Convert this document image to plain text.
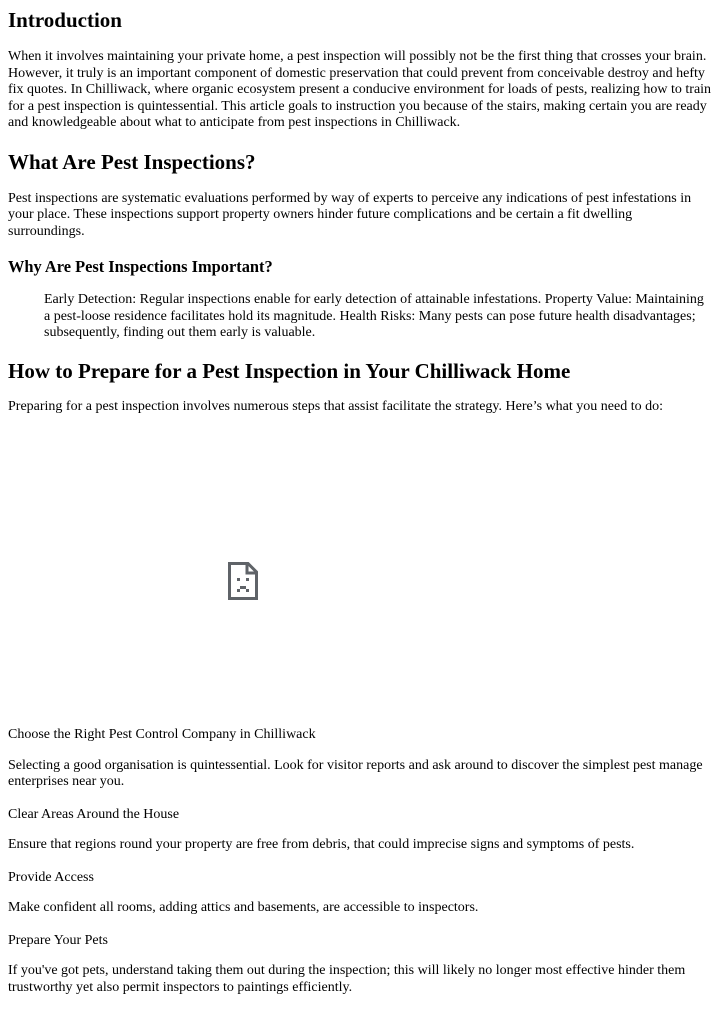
Introduction

When it involves maintaining your private home, a pest inspection will possibly not be the first thing that crosses your brain. However, it truly is an important component of domestic preservation that could prevent from conceivable destroy and hefty fix quotes. In Chilliwack, where organic ecosystem present a conducive environment for loads of pests, realizing how to train for a pest inspection is quintessential. This article goals to instruction you because of the stairs, making certain you are ready and knowledgeable about what to anticipate from pest inspections in Chilliwack.

What Are Pest Inspections?

Pest inspections are systematic evaluations performed by way of experts to perceive any indications of pest infestations in your place. These inspections support property owners hinder future complications and be certain a fit dwelling surroundings.

Why Are Pest Inspections Important?
Early Detection: Regular inspections enable for early detection of attainable infestations. Property Value: Maintaining a pest-loose residence facilitates hold its magnitude. Health Risks: Many pests can pose future health disadvantages; subsequently, finding out them early is valuable.
How to Prepare for a Pest Inspection in Your Chilliwack Home

Preparing for a pest inspection involves numerous steps that assist facilitate the strategy. Here’s what you need to do:

Choose the Right Pest Control Company in Chilliwack

Selecting a good organisation is quintessential. Look for visitor reports and ask around to discover the simplest pest manage enterprises near you.

Clear Areas Around the House

Ensure that regions round your property are free from debris, that could imprecise signs and symptoms of pests.

Provide Access

Make confident all rooms, adding attics and basements, are accessible to inspectors.

Prepare Your Pets

If you've got pets, understand taking them out during the inspection; this will likely no longer most effective hinder them trustworthy yet also permit inspectors to paintings efficiently.
